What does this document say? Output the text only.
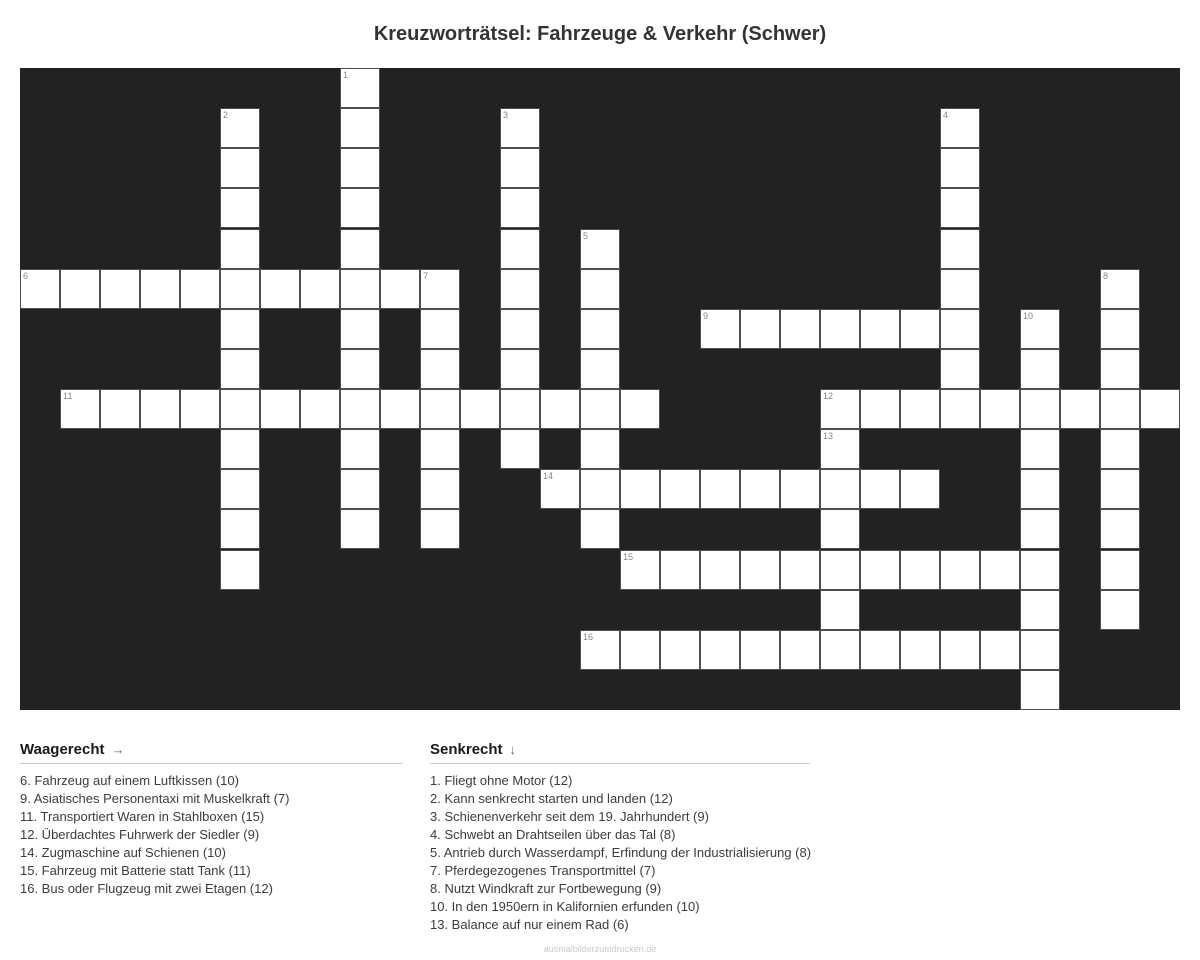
Kreuzworträtsel: Fahrzeuge & Verkehr (Schwer)
1
2	3	4
5
6	7	8
9	10
11	12
13
14
15
16
Waagerecht →
6. Fahrzeug auf einem Luftkissen (10)
9. Asiatisches Personentaxi mit Muskelkraft (7)
11. Transportiert Waren in Stahlboxen (15)
12. Überdachtes Fuhrwerk der Siedler (9)
14. Zugmaschine auf Schienen (10)
15. Fahrzeug mit Batterie statt Tank (11)
16. Bus oder Flugzeug mit zwei Etagen (12)
Senkrecht ↓
1. Fliegt ohne Motor (12)
2. Kann senkrecht starten und landen (12)
3. Schienenverkehr seit dem 19. Jahrhundert (9)
4. Schwebt an Drahtseilen über das Tal (8)
5. Antrieb durch Wasserdampf, Erfindung der Industrialisierung (8)
7. Pferdegezogenes Transportmittel (7)
8. Nutzt Windkraft zur Fortbewegung (9)
10. In den 1950ern in Kalifornien erfunden (10)
13. Balance auf nur einem Rad (6)
ausmalbilderzumdrucken.de
